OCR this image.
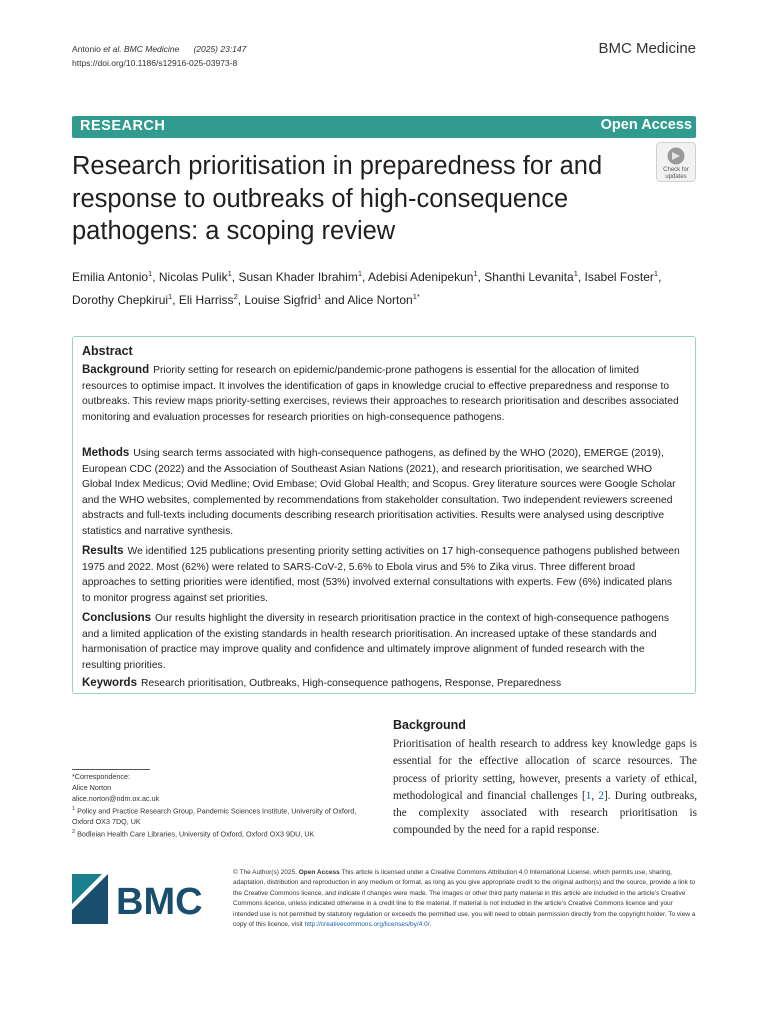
Antonio et al. BMC Medicine (2025) 23:147
https://doi.org/10.1186/s12916-025-03973-8
BMC Medicine
RESEARCH	Open Access
Research prioritisation in preparedness for and response to outbreaks of high-consequence pathogens: a scoping review
Check for
updates
Emilia Antonio$^1$, Nicolas Pulik$^1$, Susan Khader Ibrahim$^1$, Adebisi Adenipekun$^1$, Shanthi Levanita$^1$, Isabel Foster$^1$, Dorothy Chepkirui$^1$, Eli Harriss$^2$, Louise Sigfrid$^1$ and Alice Norton$^{1*}$
Abstract
Background Priority setting for research on epidemic/pandemic-prone pathogens is essential for the allocation of limited resources to optimise impact. It involves the identification of gaps in knowledge crucial to effective preparedness and response to outbreaks. This review maps priority-setting exercises, reviews their approaches to research prioritisation and describes associated monitoring and evaluation processes for research priorities on high-consequence pathogens.
Methods Using search terms associated with high-consequence pathogens, as defined by the WHO (2020), EMERGE (2019), European CDC (2022) and the Association of Southeast Asian Nations (2021), and research prioritisation, we searched WHO Global Index Medicus; Ovid Medline; Ovid Embase; Ovid Global Health; and Scopus. Grey literature sources were Google Scholar and the WHO websites, complemented by recommendations from stakeholder consultation. Two independent reviewers screened abstracts and full-texts including documents describing research prioritisation activities. Results were analysed using descriptive statistics and narrative synthesis.
Results We identified 125 publications presenting priority setting activities on 17 high-consequence pathogens published between 1975 and 2022. Most (62%) were related to SARS-CoV-2, 5.6% to Ebola virus and 5% to Zika virus. Three different broad approaches to setting priorities were identified, most (53%) involved external consultations with experts. Few (6%) indicated plans to monitor progress against set priorities.
Conclusions Our results highlight the diversity in research prioritisation practice in the context of high-consequence pathogens and a limited application of the existing standards in health research prioritisation. An increased uptake of these standards and harmonisation of practice may improve quality and confidence and ultimately improve alignment of funded research with the resulting priorities.
Keywords Research prioritisation, Outbreaks, High-consequence pathogens, Response, Preparedness
Background
Prioritisation of health research to address key knowledge gaps is essential for the effective allocation of scarce resources. The process of priority setting, however, presents a variety of ethical, methodological and financial challenges [1, 2]. During outbreaks, the complexity associated with research prioritisation is compounded by the need for a rapid response.
*Correspondence:
Alice Norton
alice.norton@ndm.ox.ac.uk
$^1$ Policy and Practice Research Group, Pandemic Sciences Institute, University of Oxford, Oxford OX3 7DQ, UK
$^2$ Bodleian Health Care Libraries, University of Oxford, Oxford OX3 9DU, UK
BMC
© The Author(s) 2025. Open Access This article is licensed under a Creative Commons Attribution 4.0 International License, which permits use, sharing, adaptation, distribution and reproduction in any medium or format, as long as you give appropriate credit to the original author(s) and the source, provide a link to the Creative Commons licence, and indicate if changes were made. The images or other third party material in this article are included in the article's Creative Commons licence, unless indicated otherwise in a credit line to the material. If material is not included in the article's Creative Commons licence and your intended use is not permitted by statutory regulation or exceeds the permitted use, you will need to obtain permission directly from the copyright holder. To view a copy of this licence, visit http://creativecommons.org/licenses/by/4.0/.
